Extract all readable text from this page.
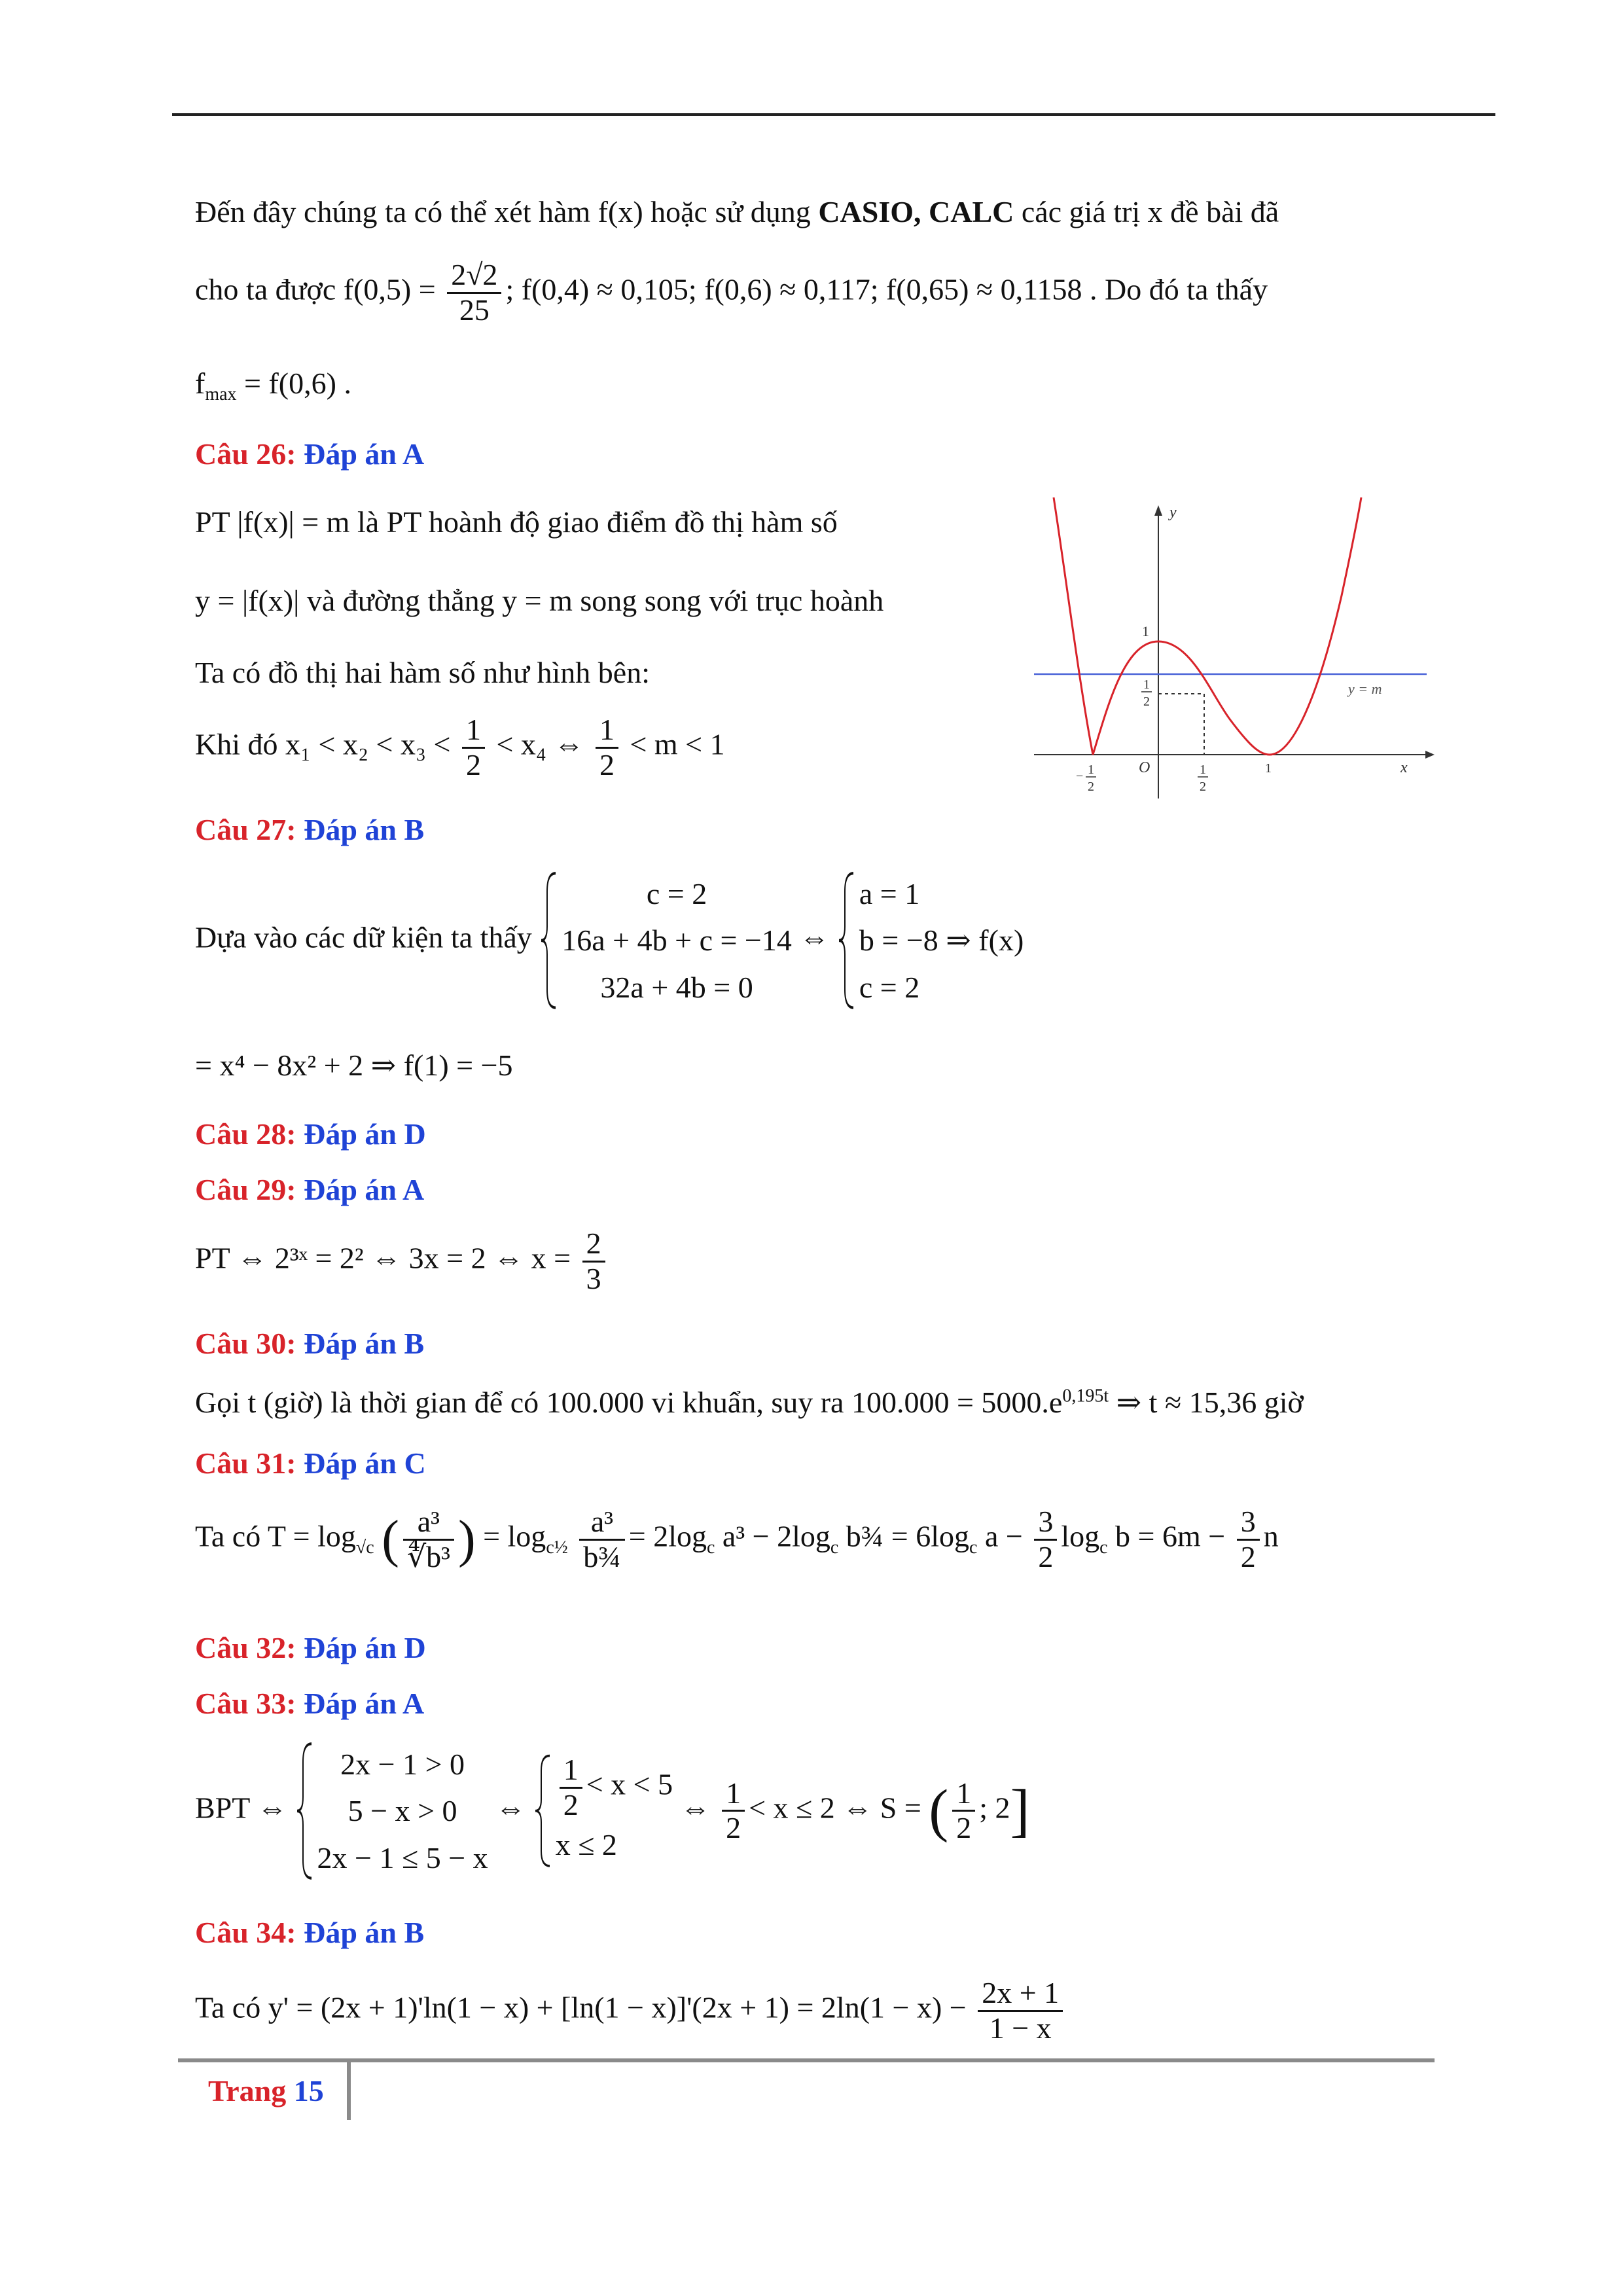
Đến đây chúng ta có thể xét hàm f(x) hoặc sử dụng CASIO, CALC các giá trị x đề bài đã
cho ta được $f(0,5) = \frac{2√2}{25}$ ; f(0,4) ≈ 0,105; f(0,6) ≈ 0,117; f(0,65) ≈ 0,1158 . Do đó ta thấy
$f_{max} = f(0,6)$ .
Câu 26: Đáp án A
PT |f(x)| = m là PT hoành độ giao điểm đồ thị hàm số
y = |f(x)| và đường thẳng y = m song song với trục hoành
Ta có đồ thị hai hàm số như hình bên:
Khi đó $x_1 < x_2 < x_3 < \frac{1}{2} < x_4$ ⇔ $\frac{1}{2} < m < 1$
y
x
O
y = m
1
1
2
− 1
2
1
2
1
Câu 27: Đáp án B
Dựa vào các dữ kiện ta thấy
c = 2
16a + 4b + c = −14
32a + 4b = 0
⇔
a = 1
b = −8 ⇒ f(x)
c = 2
= x⁴ − 8x² + 2 ⇒ f(1) = −5
Câu 28: Đáp án D
Câu 29: Đáp án A
PT ⇔ 2³ˣ = 2² ⇔ 3x = 2 ⇔ $x = \frac{2}{3}$
Câu 30: Đáp án B
Gọi t (giờ) là thời gian để có 100.000 vi khuẩn, suy ra $100.000 = 5000.e^{0,195t}$ ⇒ t ≈ 15,36 giờ
Câu 31: Đáp án C
Ta có $T = \log_{√c}$ ( $\frac{\text{a³}}{\text{∜b³}}$ ) = $\log_{c\frac{1}{2}} \frac{\text{a³}}{\text{b¾}} = 2\log_c$ $a^3 - 2\log_c$ b¾ = $6\log_c$ $a - \frac{3}{2} \log_c b = 6m - \frac{3}{2}$ n
Câu 32: Đáp án D
Câu 33: Đáp án A
BPT ⇔
2x − 1 > 0
5 − x > 0
2x − 1 ≤ 5 − x
⇔ $\frac{1}{2} < x < 5$
x ≤ 2
⇔ $\frac{1}{2} < x \le 2$ ⇔ S = ( $\frac{1}{2}$ ; 2]
Câu 34: Đáp án B
Ta có $y' = (2x + 1)'\ln(1 - x) + [\ln(1 - x)]'(2x + 1) = 2\ln(1 - x) - \frac{2x + 1}{1 - x}$
Trang 15
